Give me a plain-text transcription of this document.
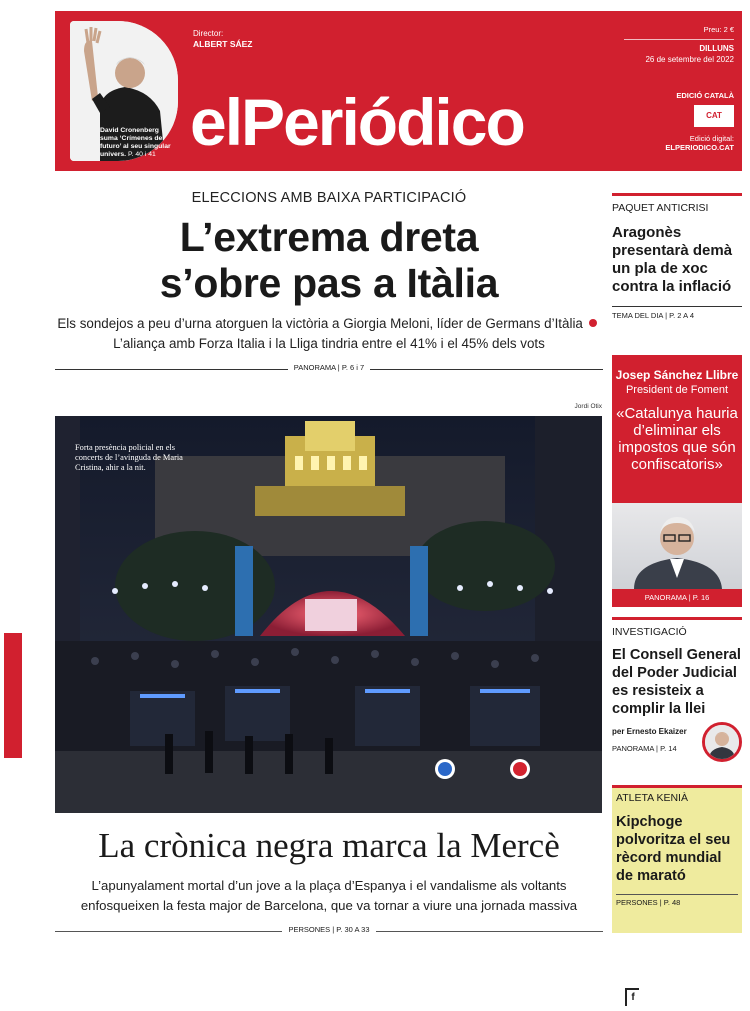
David Cronenberg suma ‘Crímenes del futuro’ al seu singular univers. P. 40 i 41
Director:
ALBERT SÁEZ
elPeriódico
Preu: 2 €
DILLUNS
26 de setembre del 2022
EDICIÓ CATALÀ
CAT
Edició digital:
ELPERIODICO.CAT
ELECCIONS AMB BAIXA PARTICIPACIÓ
L’extrema dreta
s’obre pas a Itàlia
Els sondejos a peu d’urna atorguen la victòria a Giorgia Meloni, líder de Germans d’Itàlia  L’aliança amb Forza Italia i la Lliga tindria entre el 41% i el 45% dels vots
PANORAMA | P. 6 i 7
Jordi Otix
Forta presència policial en els concerts de l’avinguda de Maria Cristina, ahir a la nit.
La crònica negra marca la Mercè
L’apunyalament mortal d’un jove a la plaça d’Espanya i el vandalisme als voltants enfosqueixen la festa major de Barcelona, que va tornar a viure una jornada massiva
PERSONES | P. 30 A 33
PAQUET ANTICRISI
Aragonès presentarà demà un pla de xoc contra la inflació
TEMA DEL DIA | P. 2 A 4
Josep Sánchez Llibre
President de Foment
«Catalunya hauria d’eliminar els impostos que són confiscatoris»
PANORAMA | P. 16
INVESTIGACIÓ
El Consell General del Poder Judicial es resisteix a complir la llei
per Ernesto Ekaizer
PANORAMA | P. 14
ATLETA KENIÀ
Kipchoge polvoritza el seu rècord mundial de marató
PERSONES | P. 48
f
